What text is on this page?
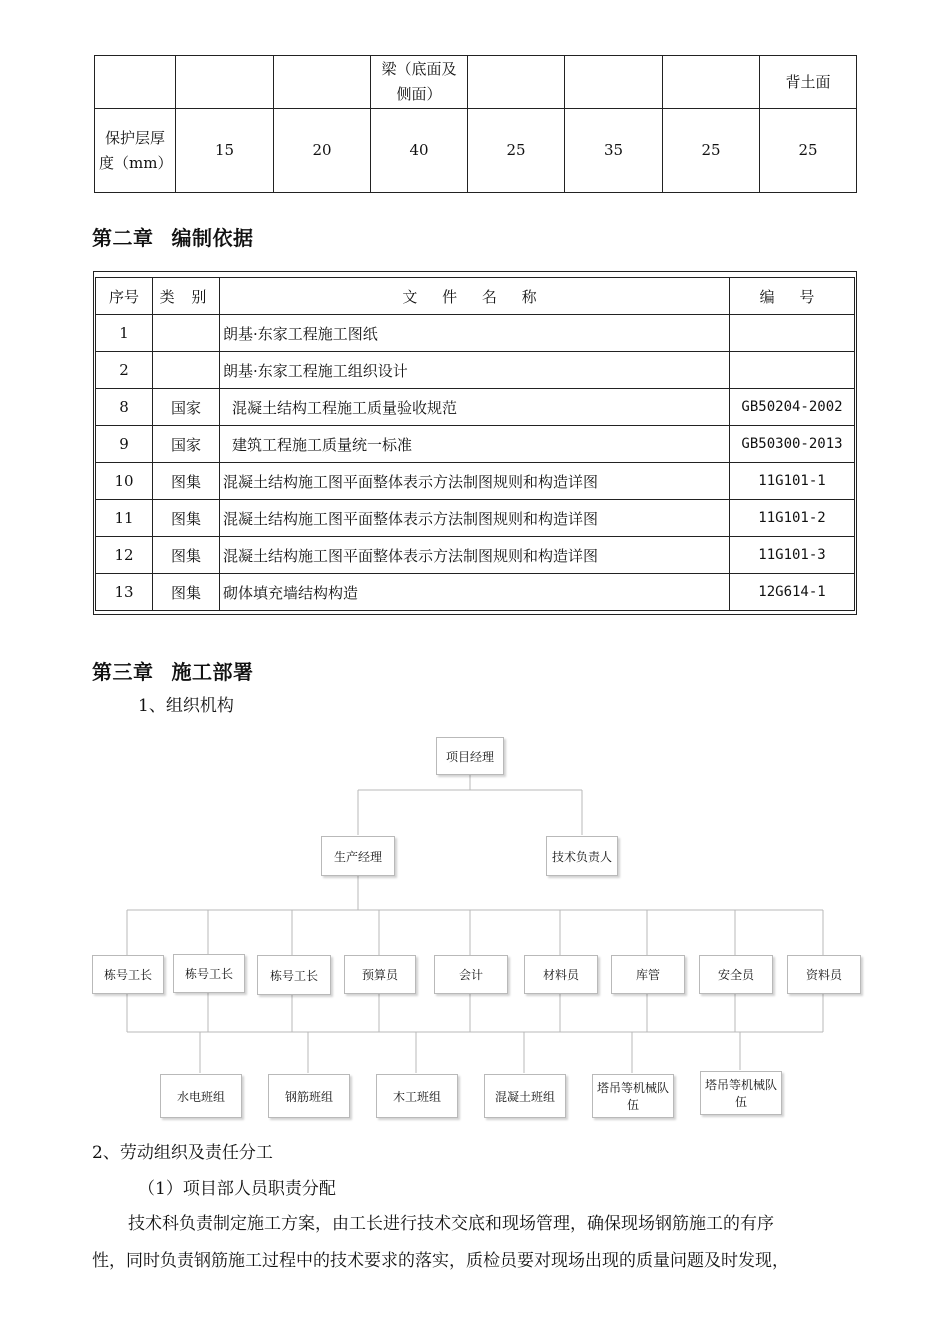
			梁（底面及侧面）				背土面
保护层厚度（mm）	15	20	40	25	35	25	25
第二章 编制依据
序号	类 别	文 件 名 称	编 号
1		朗基·东家工程施工图纸	
2		朗基·东家工程施工组织设计	
8	国家	混凝土结构工程施工质量验收规范	GB50204-2002
9	国家	建筑工程施工质量统一标准	GB50300-2013
10	图集	混凝土结构施工图平面整体表示方法制图规则和构造详图	11G101-1
11	图集	混凝土结构施工图平面整体表示方法制图规则和构造详图	11G101-2
12	图集	混凝土结构施工图平面整体表示方法制图规则和构造详图	11G101-3
13	图集	砌体填充墙结构构造	12G614-1
第三章 施工部署
1、组织机构
项目经理
生产经理	技术负责人
栋号工长	栋号工长	栋号工长	预算员	会计	材料员	库管	安全员	资料员
水电班组	钢筋班组	木工班组	混凝土班组
塔吊等机械队伍
塔吊等机械队伍
2、劳动组织及责任分工
（1）项目部人员职责分配
技术科负责制定施工方案，由工长进行技术交底和现场管理，确保现场钢筋施工的有序
性，同时负责钢筋施工过程中的技术要求的落实，质检员要对现场出现的质量问题及时发现，
